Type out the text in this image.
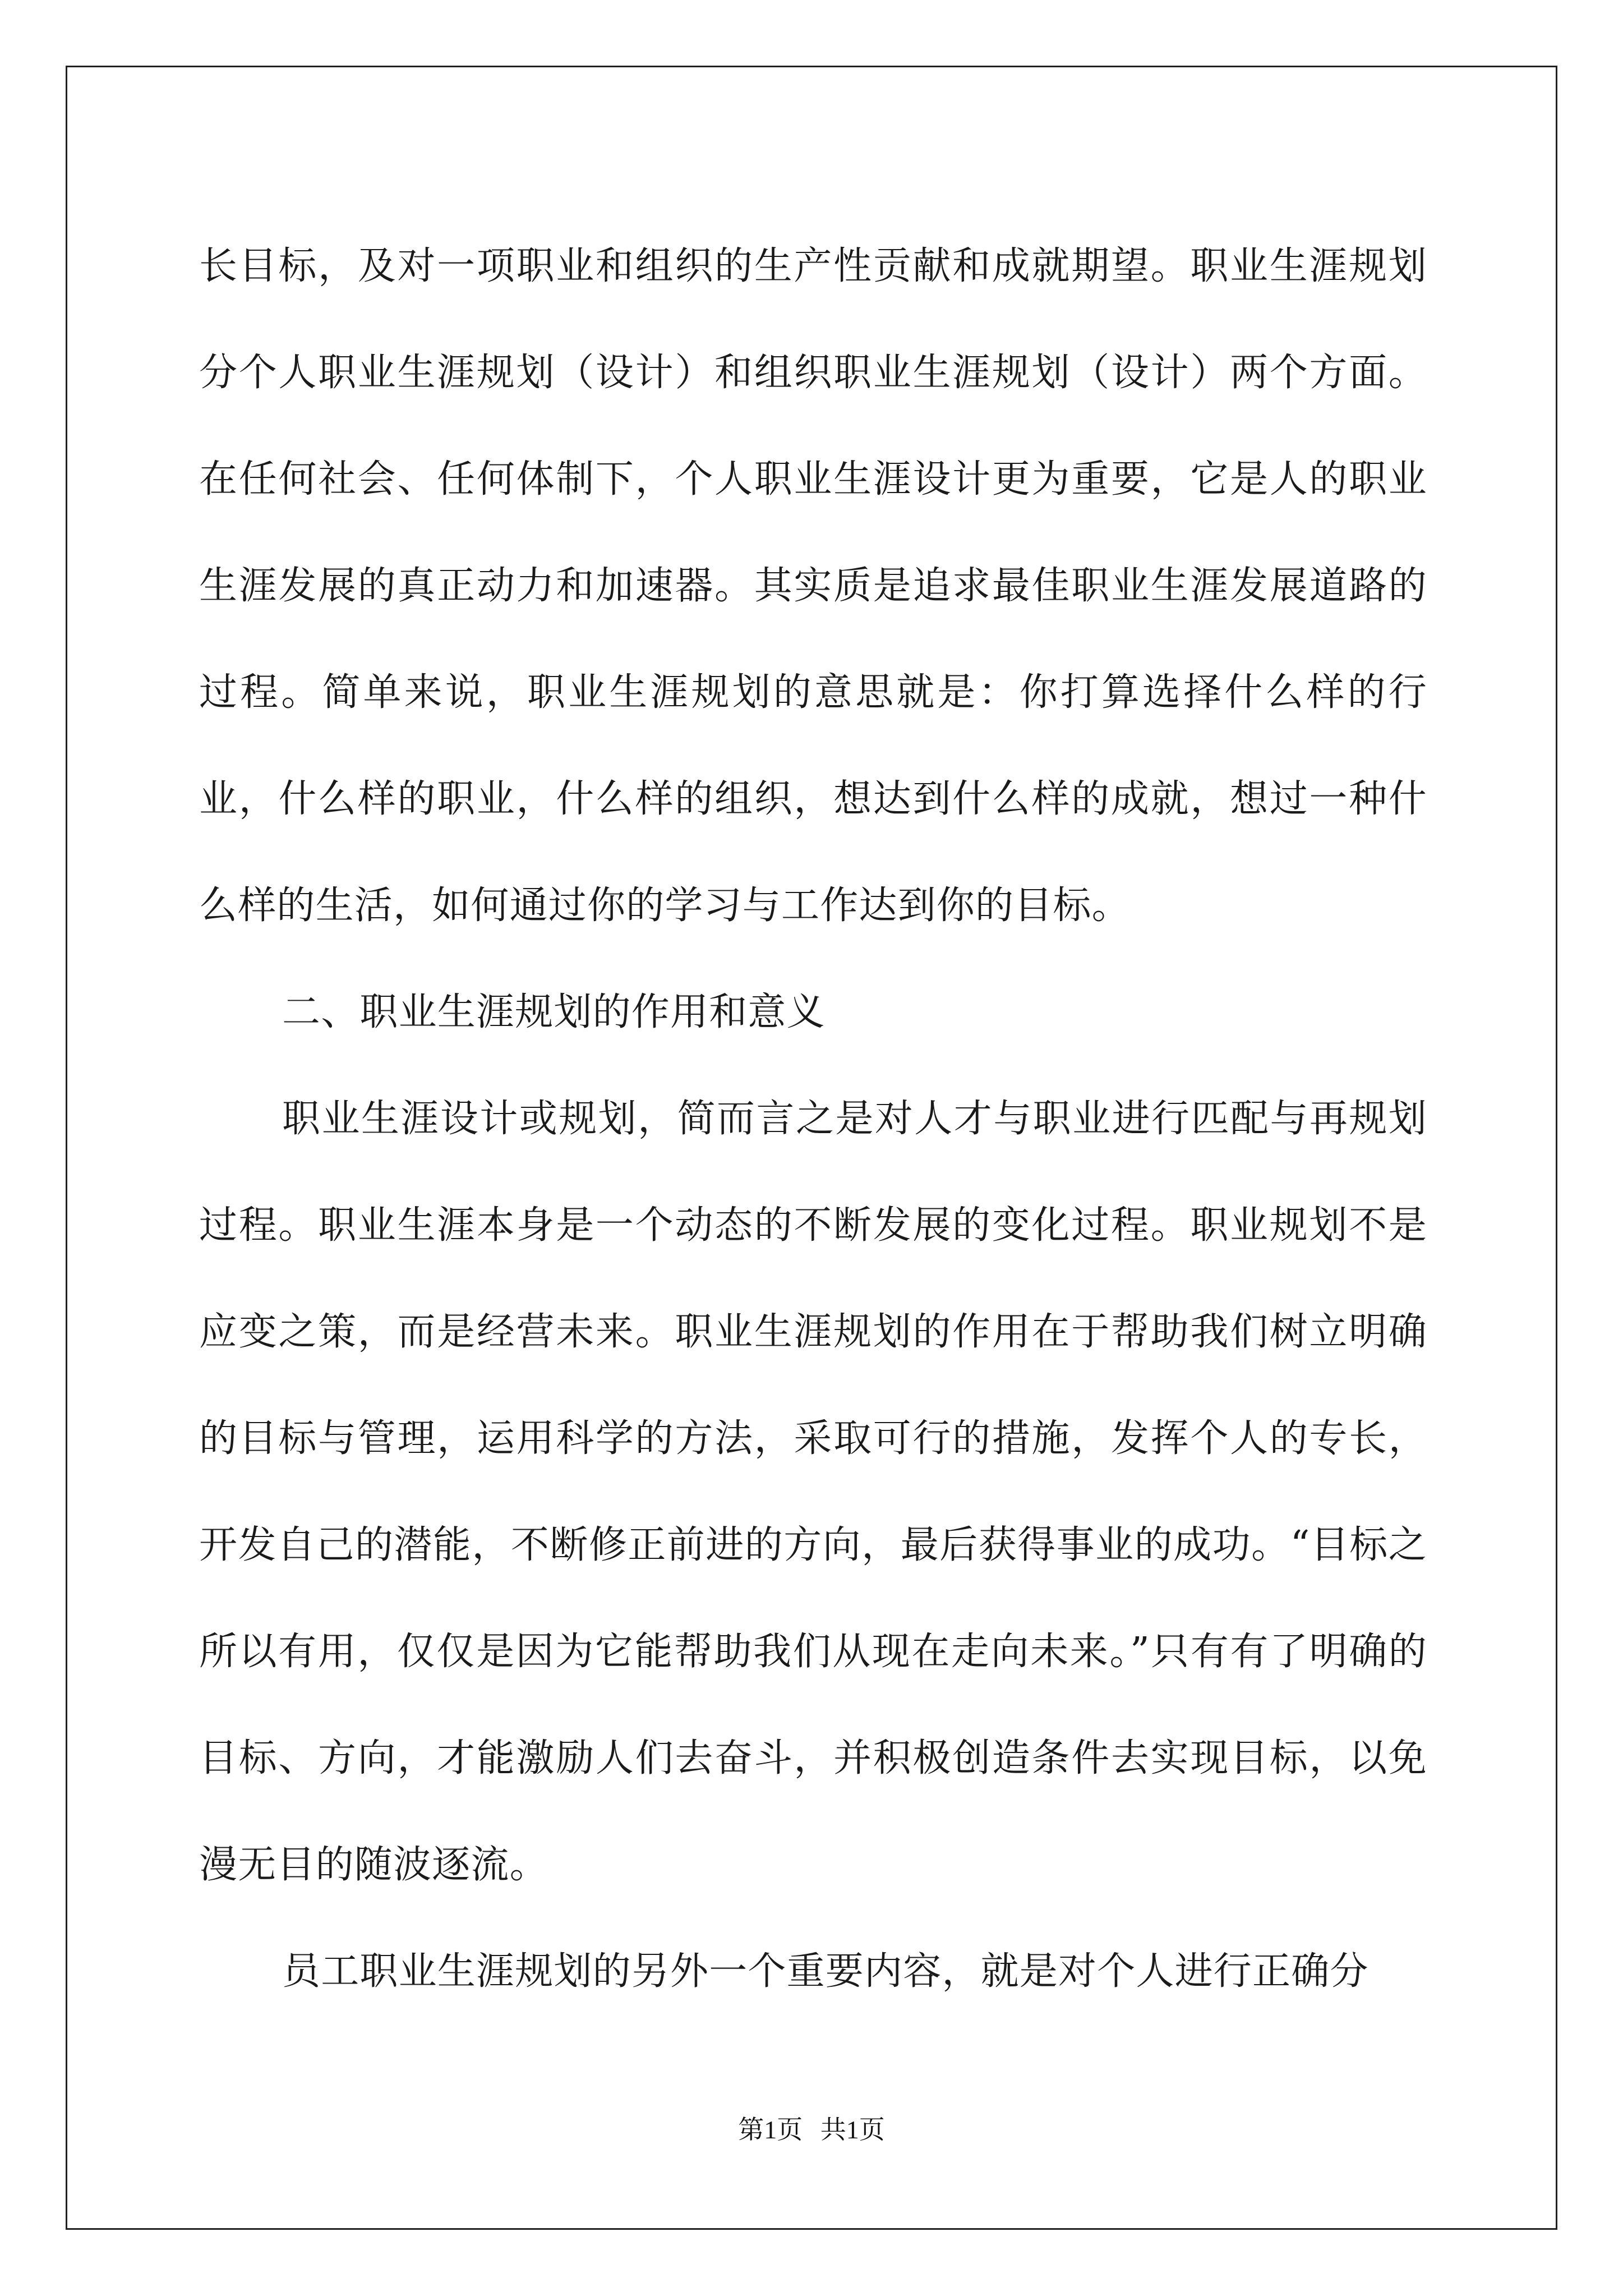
长目标，及对一项职业和组织的生产性贡献和成就期望。职业生涯规划分个人职业生涯规划（设计）和组织职业生涯规划（设计）两个方面。在任何社会、任何体制下，个人职业生涯设计更为重要，它是人的职业生涯发展的真正动力和加速器。其实质是追求最佳职业生涯发展道路的过程。简单来说，职业生涯规划的意思就是：你打算选择什么样的行业，什么样的职业，什么样的组织，想达到什么样的成就，想过一种什么样的生活，如何通过你的学习与工作达到你的目标。

二、职业生涯规划的作用和意义

职业生涯设计或规划，简而言之是对人才与职业进行匹配与再规划过程。职业生涯本身是一个动态的不断发展的变化过程。职业规划不是应变之策，而是经营未来。职业生涯规划的作用在于帮助我们树立明确的目标与管理，运用科学的方法，采取可行的措施，发挥个人的专长，开发自己的潜能，不断修正前进的方向，最后获得事业的成功。“目标之所以有用，仅仅是因为它能帮助我们从现在走向未来。”只有有了明确的目标、方向，才能激励人们去奋斗，并积极创造条件去实现目标，以免漫无目的随波逐流。

员工职业生涯规划的另外一个重要内容，就是对个人进行正确分

第1页 共1页
